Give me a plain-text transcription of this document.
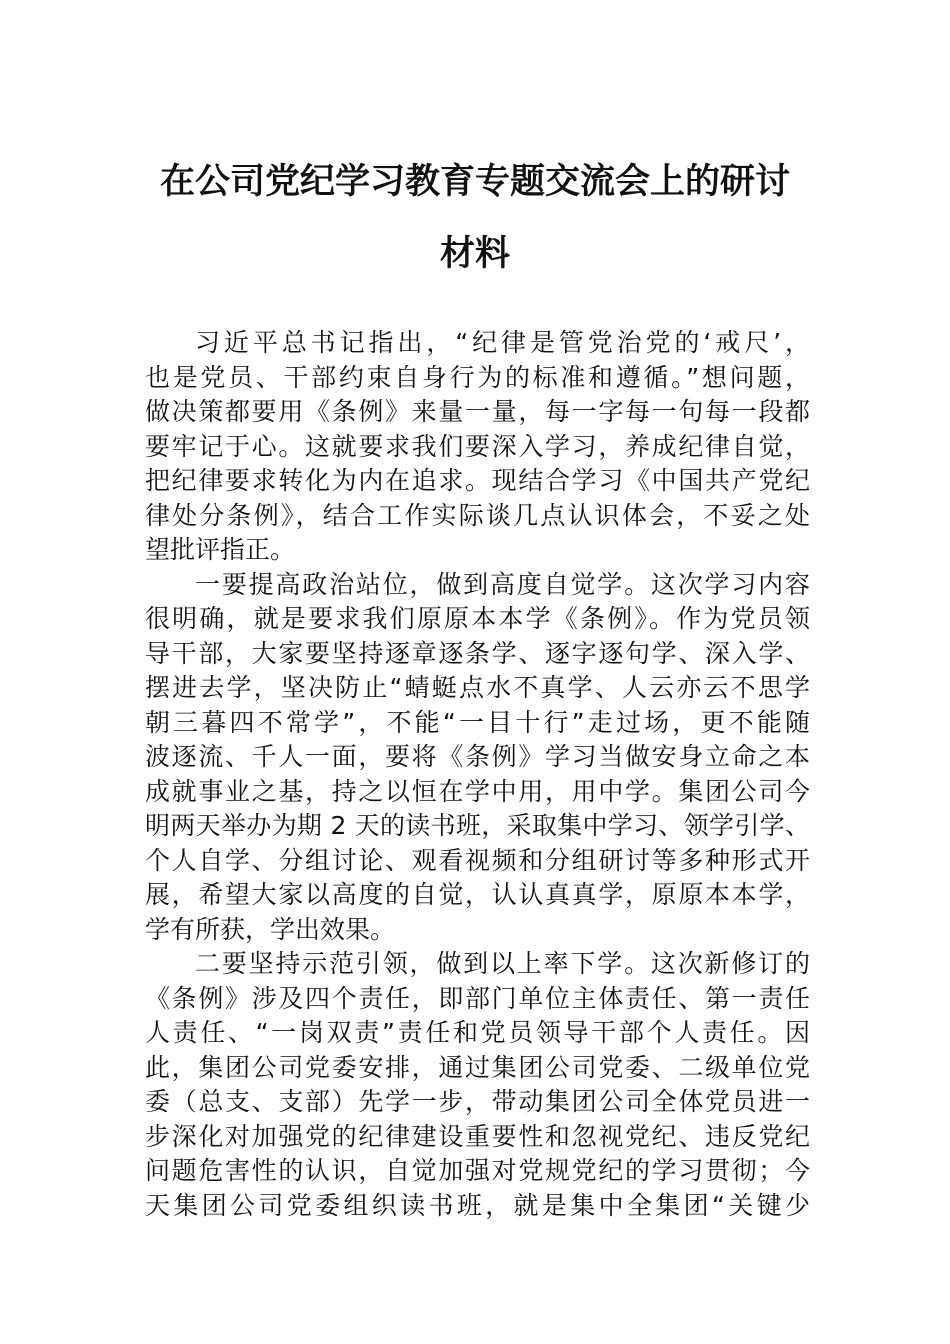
在公司党纪学习教育专题交流会上的研讨
材料
习近平总书记指出，“纪律是管党治党的‘戒尺’，
也是党员、干部约束自身行为的标准和遵循。”想问题，
做决策都要用《条例》来量一量，每一字每一句每一段都
要牢记于心。这就要求我们要深入学习，养成纪律自觉，
把纪律要求转化为内在追求。现结合学习《中国共产党纪
律处分条例》，结合工作实际谈几点认识体会，不妥之处
望批评指正。
一要提高政治站位，做到高度自觉学。这次学习内容
很明确，就是要求我们原原本本学《条例》。作为党员领
导干部，大家要坚持逐章逐条学、逐字逐句学、深入学、
摆进去学，坚决防止“蜻蜓点水不真学、人云亦云不思学
朝三暮四不常学”，不能“一目十行”走过场，更不能随
波逐流、千人一面，要将《条例》学习当做安身立命之本
成就事业之基，持之以恒在学中用，用中学。集团公司今
明两天举办为期 2 天的读书班，采取集中学习、领学引学、
个人自学、分组讨论、观看视频和分组研讨等多种形式开
展，希望大家以高度的自觉，认认真真学，原原本本学，
学有所获，学出效果。
二要坚持示范引领，做到以上率下学。这次新修订的
《条例》涉及四个责任，即部门单位主体责任、第一责任
人责任、“一岗双责”责任和党员领导干部个人责任。因
此，集团公司党委安排，通过集团公司党委、二级单位党
委（总支、支部）先学一步，带动集团公司全体党员进一
步深化对加强党的纪律建设重要性和忽视党纪、违反党纪
问题危害性的认识，自觉加强对党规党纪的学习贯彻；今
天集团公司党委组织读书班，就是集中全集团“关键少
